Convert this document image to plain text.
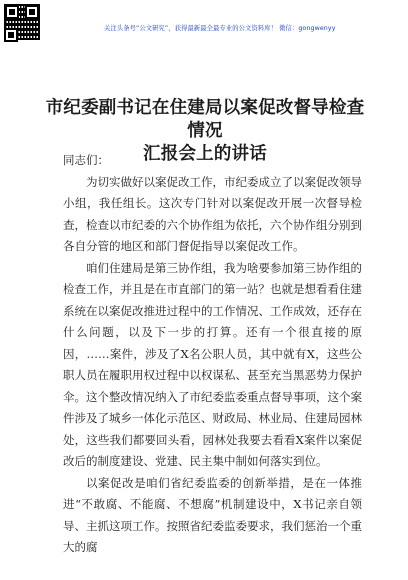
关注头条号“公文研究”，获得最新最全最专业的公文资料库！ 微信：gongwenyy
市纪委副书记在住建局以案促改督导检查情况
汇报会上的讲话

同志们：

为切实做好以案促改工作，市纪委成立了以案促改领导小组，我任组长。这次专门针对以案促改开展一次督导检查，检查以市纪委的六个协作组为依托，六个协作组分别到各自分管的地区和部门督促指导以案促改工作。

咱们住建局是第三协作组，我为啥要参加第三协作组的检查工作，并且是在市直部门的第一站？也就是想看看住建系统在以案促改推进过程中的工作情况、工作成效，还存在什么问题，以及下一步的打算。还有一个很直接的原因，……案件，涉及了X名公职人员，其中就有X，这些公职人员在履职用权过程中以权谋私、甚至充当黑恶势力保护伞。这个整改情况纳入了市纪委监委重点督导事项，这个案件涉及了城乡一体化示范区、财政局、林业局、住建局园林处，这些我们都要回头看，园林处我要去看看X案件以案促改后的制度建设、党建、民主集中制如何落实到位。

以案促改是咱们省纪委监委的创新举措，是在一体推进“不敢腐、不能腐、不想腐”机制建设中，X书记亲自领导、主抓这项工作。按照省纪委监委要求，我们惩治一个重大的腐
